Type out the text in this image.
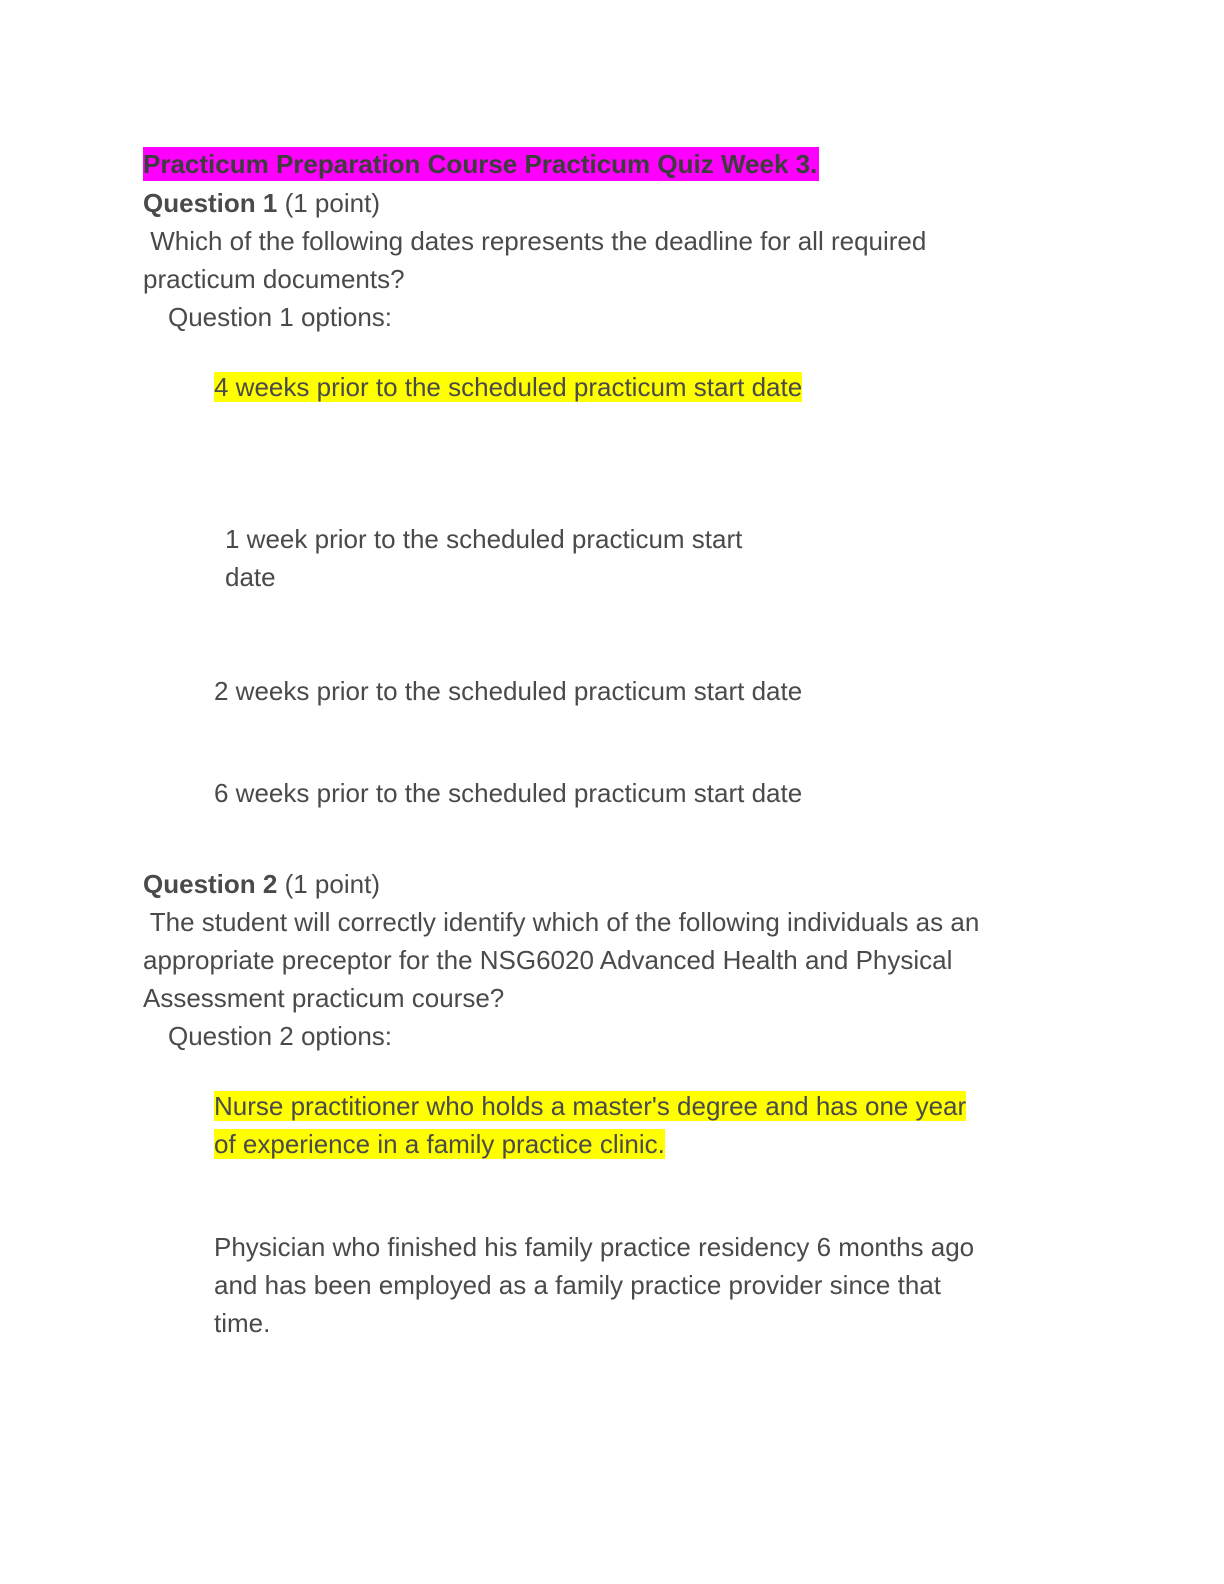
Practicum Preparation Course Practicum Quiz Week 3.
Question 1 (1 point)
Which of the following dates represents the deadline for all required
practicum documents?
Question 1 options:
4 weeks prior to the scheduled practicum start date
1 week prior to the scheduled practicum start
date
2 weeks prior to the scheduled practicum start date
6 weeks prior to the scheduled practicum start date
Question 2 (1 point)
The student will correctly identify which of the following individuals as an
appropriate preceptor for the NSG6020 Advanced Health and Physical
Assessment practicum course?
Question 2 options:
Nurse practitioner who holds a master's degree and has one year
of experience in a family practice clinic.
Physician who finished his family practice residency 6 months ago
and has been employed as a family practice provider since that
time.
